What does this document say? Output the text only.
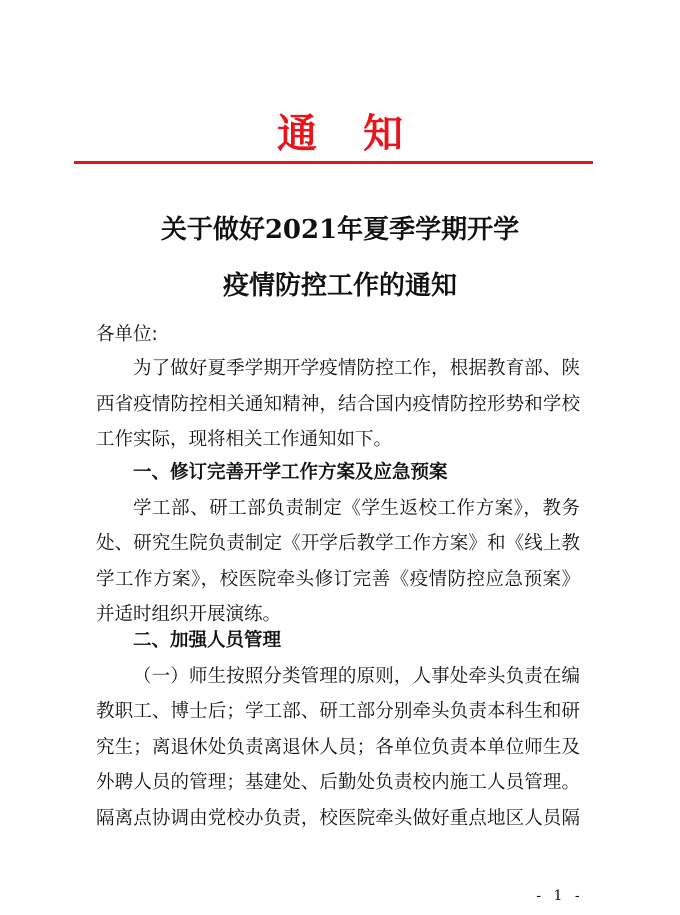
通知
关于做好2021年夏季学期开学
疫情防控工作的通知
各单位:
为了做好夏季学期开学疫情防控工作，根据教育部、陕
西省疫情防控相关通知精神，结合国内疫情防控形势和学校
工作实际，现将相关工作通知如下。
一、修订完善开学工作方案及应急预案
学工部、研工部负责制定《学生返校工作方案》，教务
处、研究生院负责制定《开学后教学工作方案》和《线上教
学工作方案》，校医院牵头修订完善《疫情防控应急预案》
并适时组织开展演练。
二、加强人员管理
（一）师生按照分类管理的原则，人事处牵头负责在编
教职工、博士后；学工部、研工部分别牵头负责本科生和研
究生；离退休处负责离退休人员；各单位负责本单位师生及
外聘人员的管理；基建处、后勤处负责校内施工人员管理。
隔离点协调由党校办负责，校医院牵头做好重点地区人员隔
- 1 -
